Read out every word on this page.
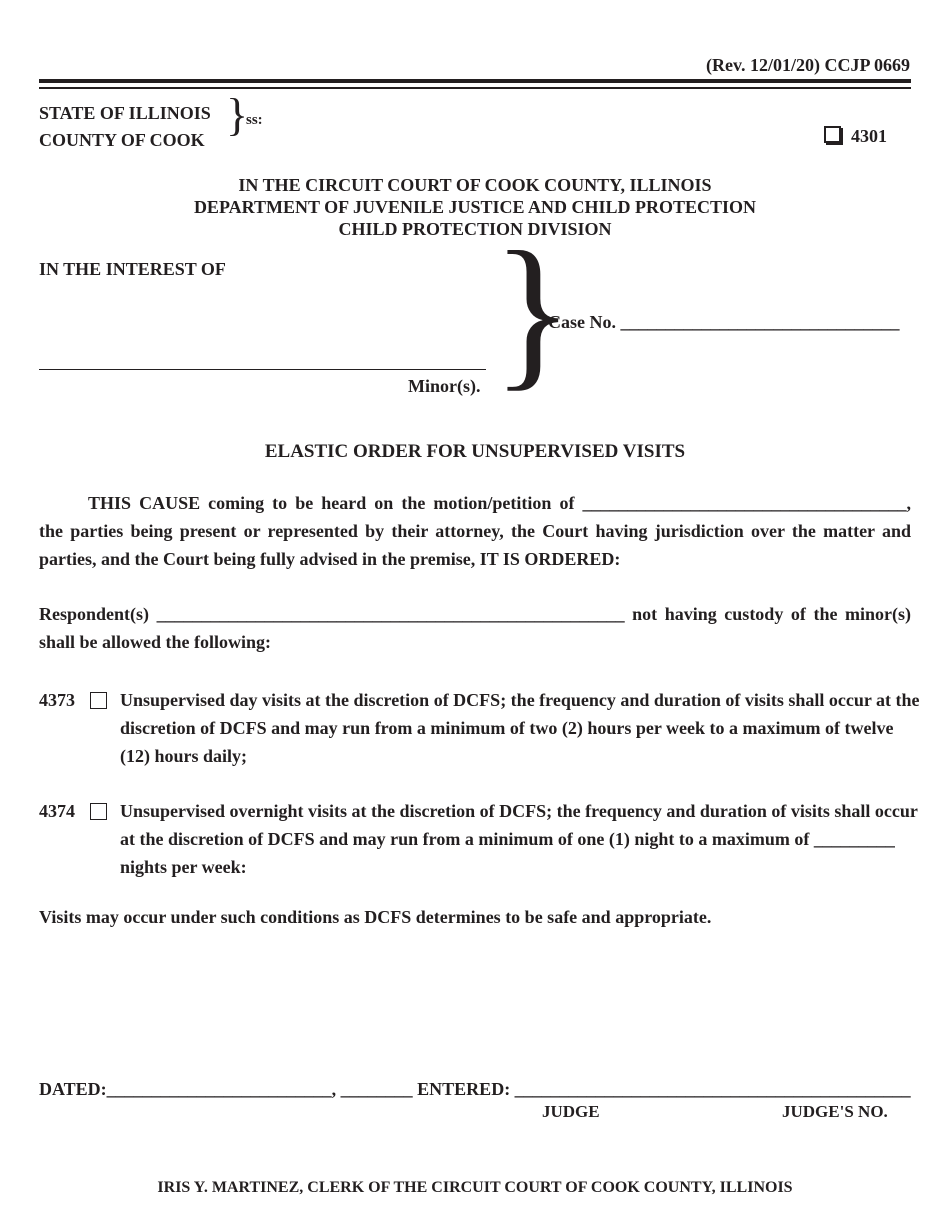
(Rev. 12/01/20) CCJP 0669
STATE OF ILLINOIS
COUNTY OF COOK }
ss:
4301
IN THE CIRCUIT COURT OF COOK COUNTY, ILLINOIS
DEPARTMENT OF JUVENILE JUSTICE AND CHILD PROTECTION
CHILD PROTECTION DIVISION
IN THE INTEREST OF
Minor(s). }
Case No. _______________________________
ELASTIC ORDER FOR UNSUPERVISED VISITS
THIS CAUSE coming to be heard on the motion/petition of ____________________________________,
the parties being present or represented by their attorney, the Court having jurisdiction over the matter and
parties, and the Court being fully advised in the premise, IT IS ORDERED:
Respondent(s) ____________________________________________________ not having custody of the minor(s)
shall be allowed the following:
4373	Unsupervised day visits at the discretion of DCFS; the frequency and duration of visits shall occur at the discretion of DCFS and may run from a minimum of two (2) hours per week to a maximum of twelve (12) hours daily;
4374	Unsupervised overnight visits at the discretion of DCFS; the frequency and duration of visits shall occur at the discretion of DCFS and may run from a minimum of one (1) night to a maximum of _________ nights per week:
Visits may occur under such conditions as DCFS determines to be safe and appropriate.
DATED:_________________________, ________ ENTERED: ____________________________________________
JUDGE	JUDGE'S NO.
IRIS Y. MARTINEZ, CLERK OF THE CIRCUIT COURT OF COOK COUNTY, ILLINOIS
